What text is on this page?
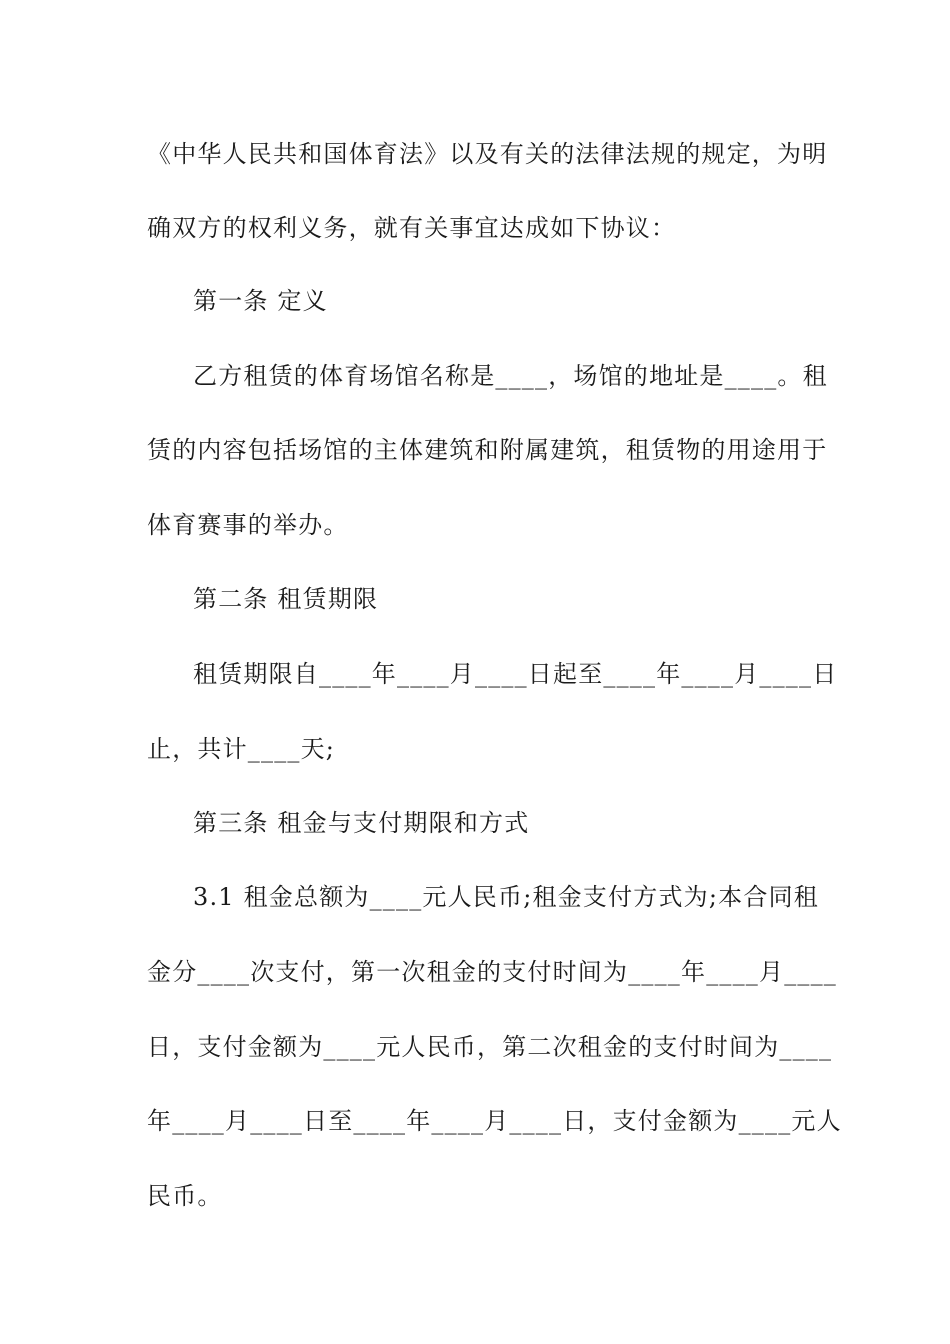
《中华人民共和国体育法》以及有关的法律法规的规定，为明
确双方的权利义务，就有关事宜达成如下协议：
第一条 定义
乙方租赁的体育场馆名称是____，场馆的地址是____。租
赁的内容包括场馆的主体建筑和附属建筑，租赁物的用途用于
体育赛事的举办。
第二条 租赁期限
租赁期限自____年____月____日起至____年____月____日
止，共计____天;
第三条 租金与支付期限和方式
3.1 租金总额为____元人民币;租金支付方式为;本合同租
金分____次支付，第一次租金的支付时间为____年____月____
日，支付金额为____元人民币，第二次租金的支付时间为____
年____月____日至____年____月____日，支付金额为____元人
民币。
